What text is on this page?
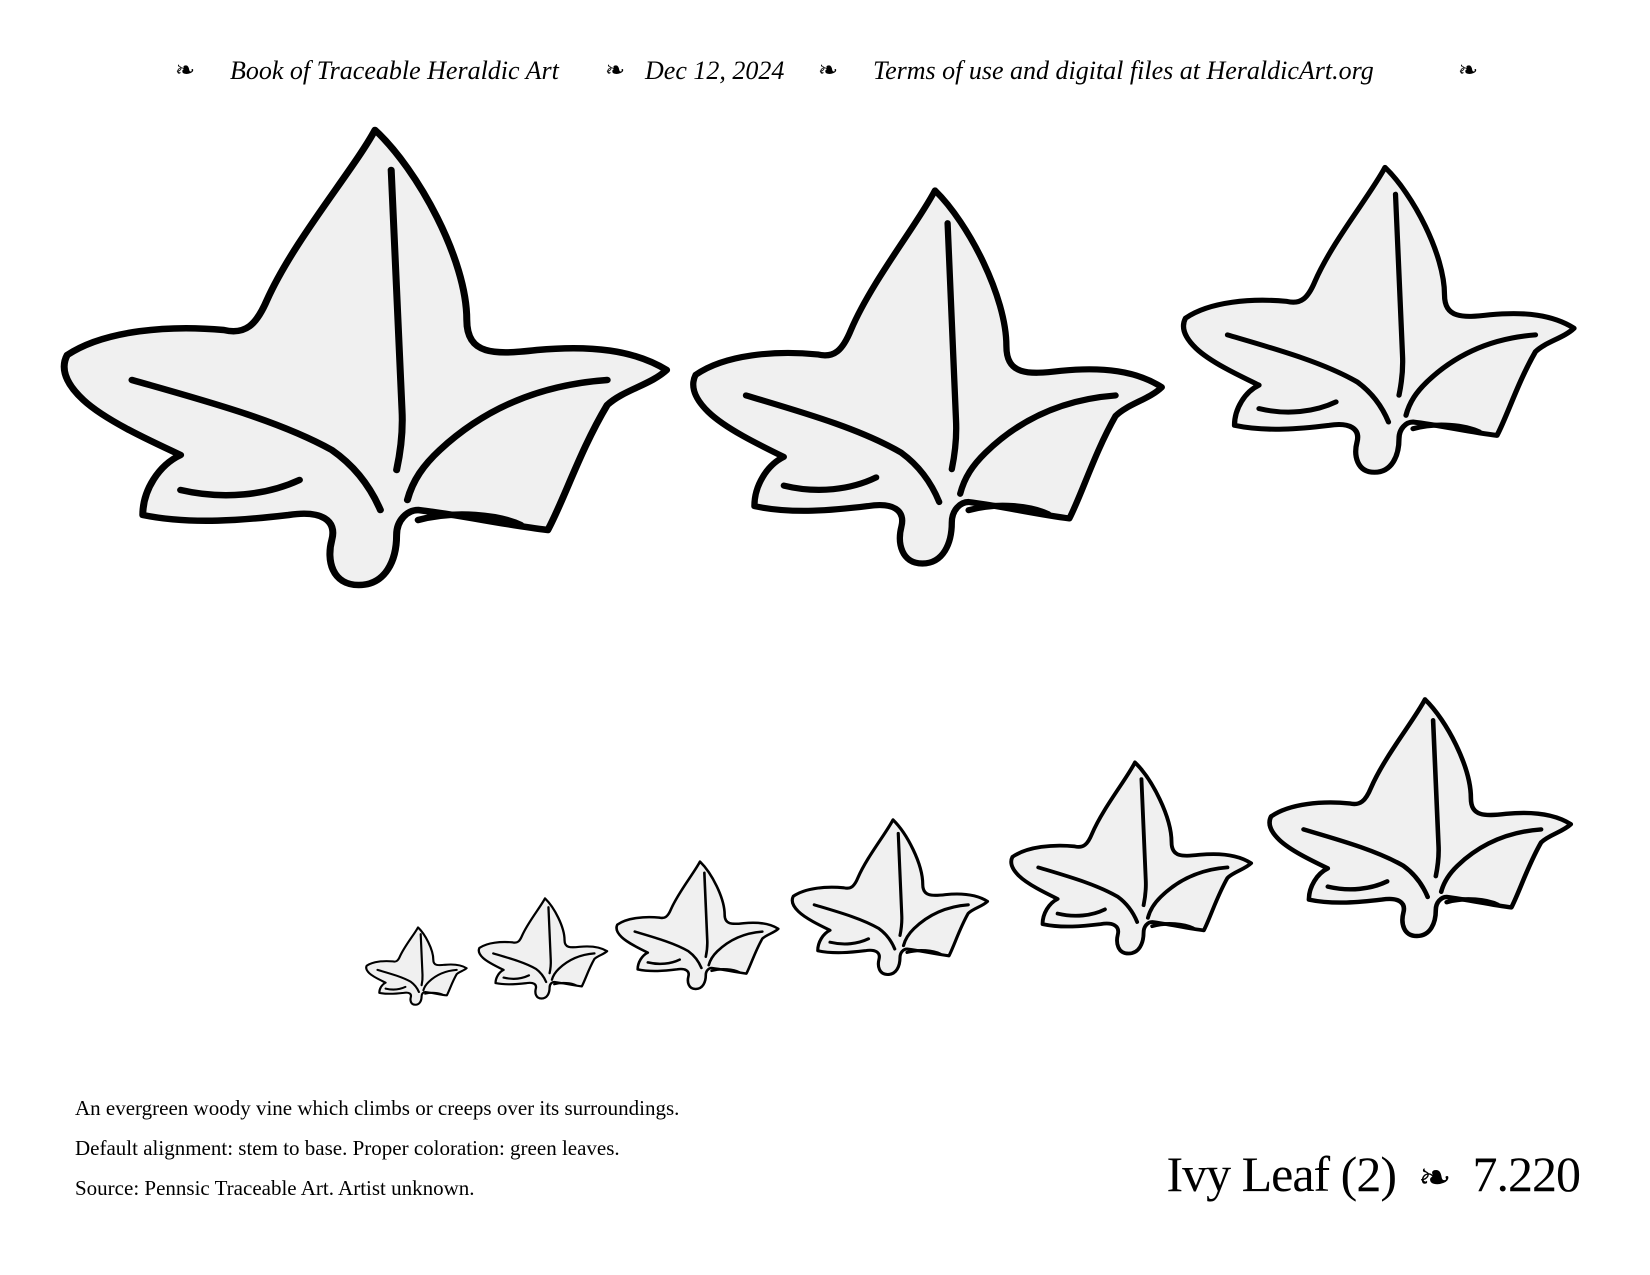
❧ Book of Traceable Heraldic Art ❧ Dec 12, 2024 ❧ Terms of use and digital files at HeraldicArt.org	❧
An evergreen woody vine which climbs or creeps over its surroundings.
Default alignment: stem to base. Proper coloration: green leaves.
Source: Pennsic Traceable Art. Artist unknown.	Ivy Leaf (2) ❧ 7.220
